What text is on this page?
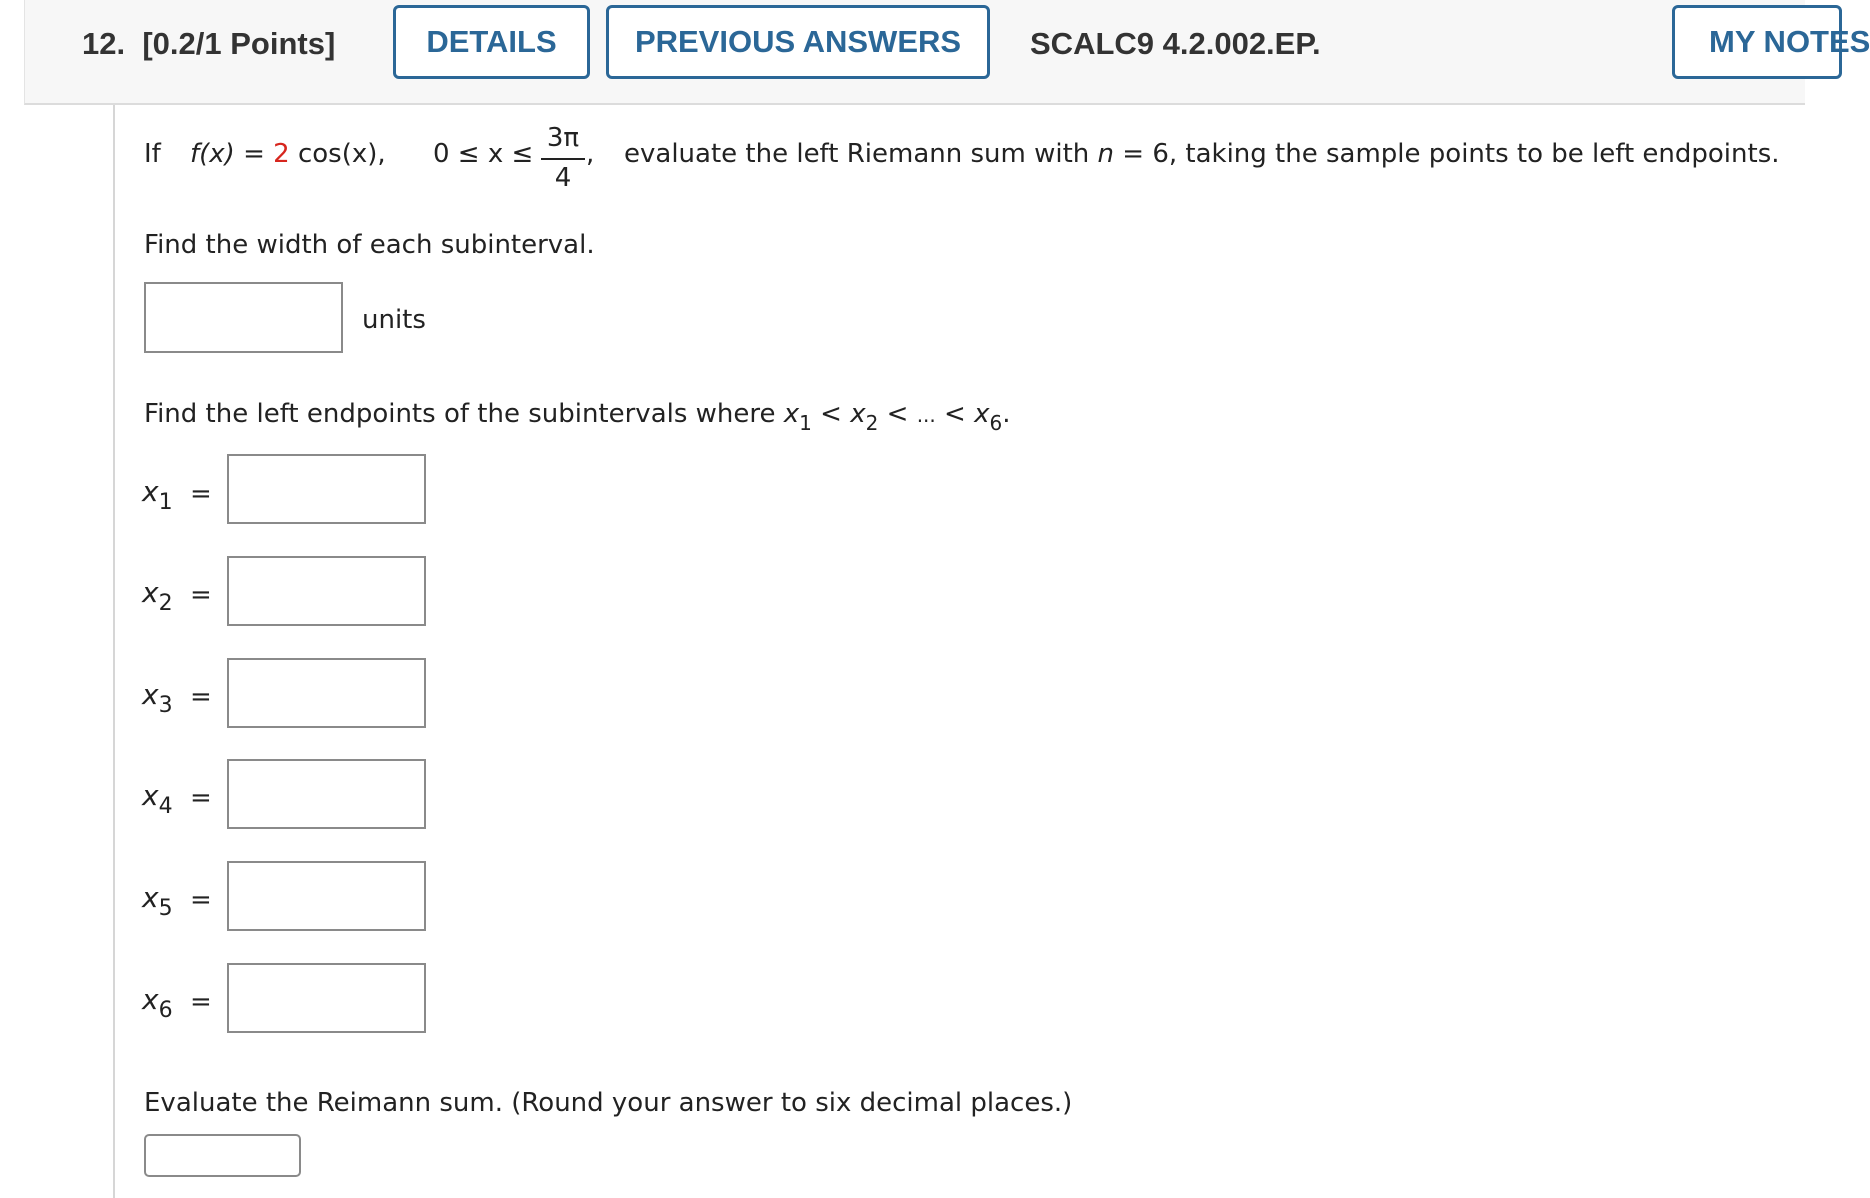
12. [0.2/1 Points]	DETAILS	PREVIOUS ANSWERS	SCALC9 4.2.002.EP.	MY NOTES
If f(x) = 2 cos(x), 0 ≤ x ≤
3π
4
, evaluate the left Riemann sum with n = 6, taking the sample points to be left endpoints.
Find the width of each subinterval.
units
Find the left endpoints of the subintervals where $x_1 < x_2$ < ... < $x_6$.
$x_1$ =
$x_2$ =
$x_3$ =
$x_4$ =
$x_5$ =
$x_6$ =
Evaluate the Reimann sum. (Round your answer to six decimal places.)
